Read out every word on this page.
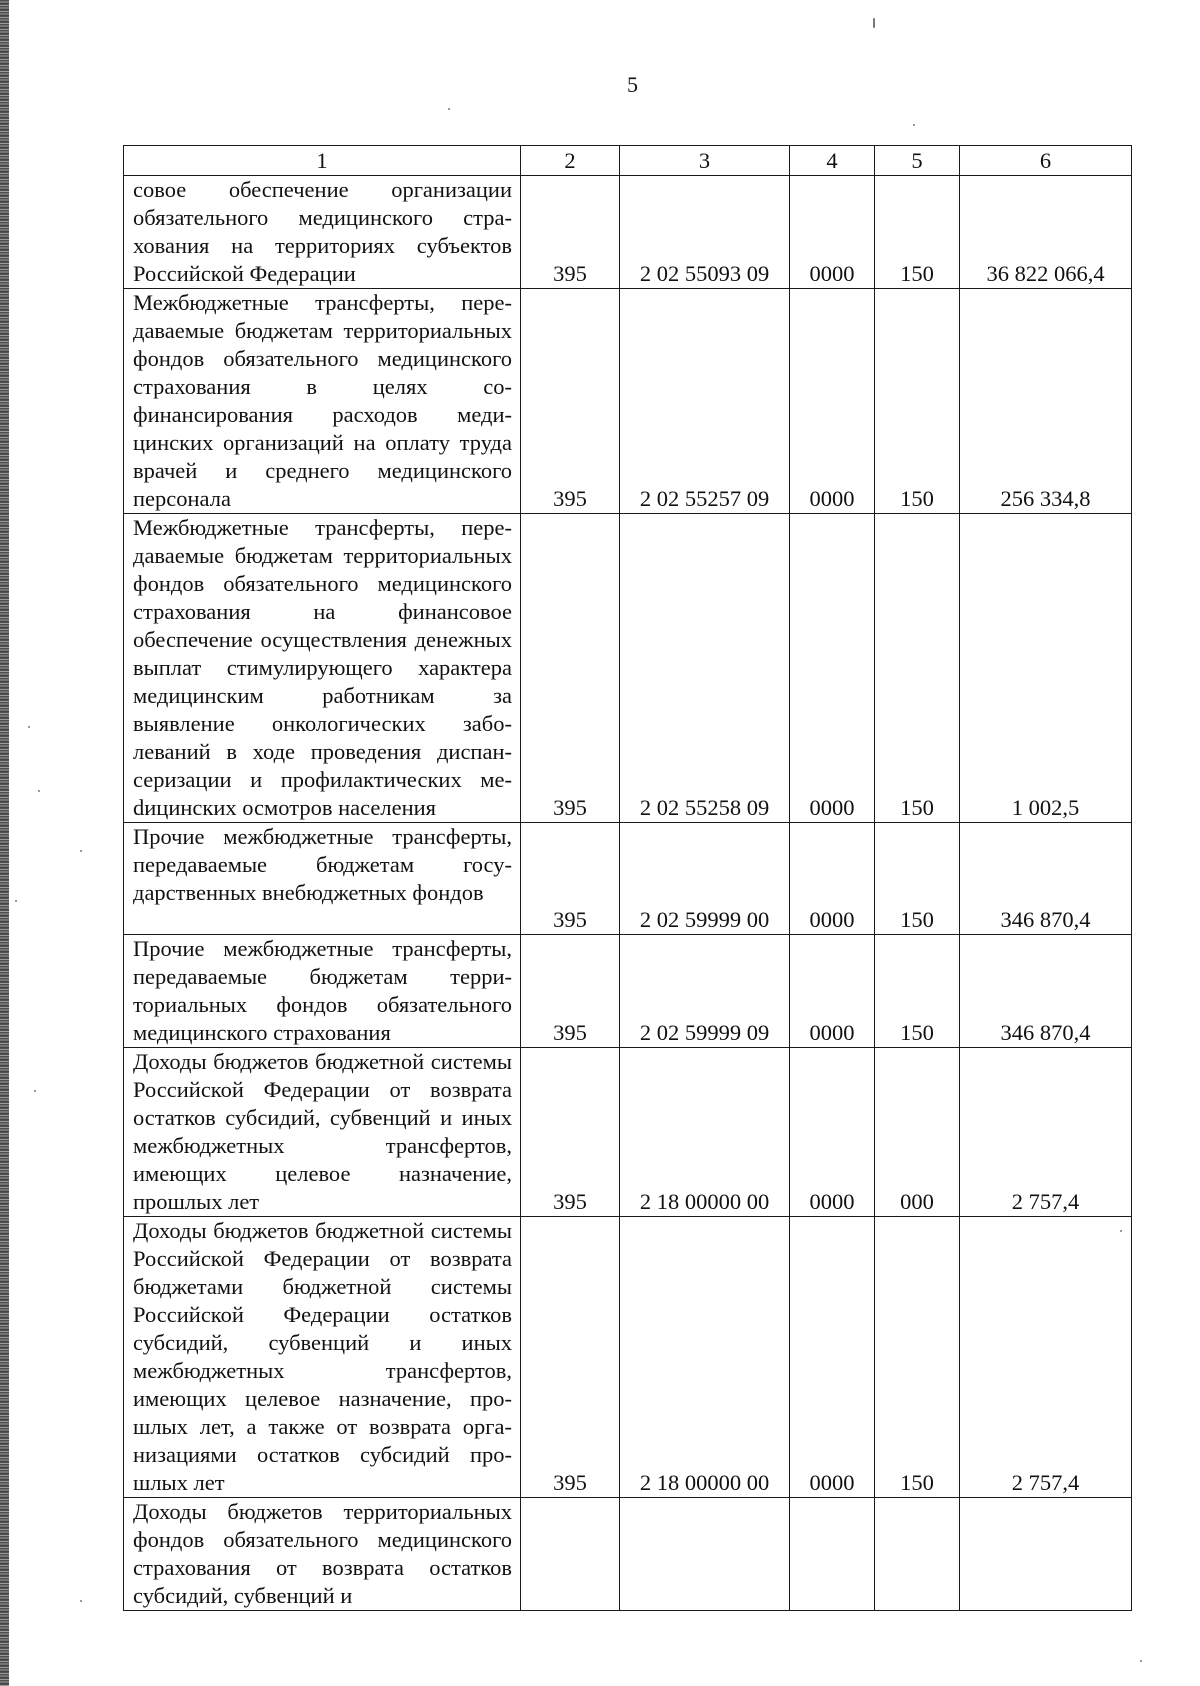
5
1	2	3	4	5	6
совое обеспечение организации обязательного медицинского страхования на территориях субъектов Российской Федерации	395	2 02 55093 09	0000	150	36 822 066,4
Межбюджетные трансферты, передаваемые бюджетам территориальных фондов обязательного медицинского страхования в целях софинансирования расходов медицинских организаций на оплату труда врачей и среднего медицинского персонала	395	2 02 55257 09	0000	150	256 334,8
Межбюджетные трансферты, передаваемые бюджетам территориальных фондов обязательного медицинского страхования на финансовое обеспечение осуществления денежных выплат стимулирующего характера медицинским работникам за выявление онкологических заболеваний в ходе проведения диспансеризации и профилактических меdицинских осмотров населения	395	2 02 55258 09	0000	150	1 002,5
Прочие межбюджетные трансферты, передаваемые бюджетам государственных внебюджетных фондов	395	2 02 59999 00	0000	150	346 870,4
Прочие межбюджетные трансферты, передаваемые бюджетам территориальных фондов обязательного медицинского страхования	395	2 02 59999 09	0000	150	346 870,4
Доходы бюджетов бюджетной системы Российской Федерации от возврата остатков субсидий, субвенций и иных межбюджетных трансфертов, имеющих целевое назначение, прошлых лет	395	2 18 00000 00	0000	000	2 757,4
Доходы бюджетов бюджетной системы Российской Федерации от возврата бюджетами бюджетной системы Российской Федерации остатков субсидий, субвенций и иных межбюджетных трансфертов, имеющих целевое назначение, прошлых лет, а также от возврата организациями остатков субсидий прошлых лет	395	2 18 00000 00	0000	150	2 757,4
Доходы бюджетов территориальных фондов обязательного медицинского страхования от возврата остатков субсидий, субвенций и					
